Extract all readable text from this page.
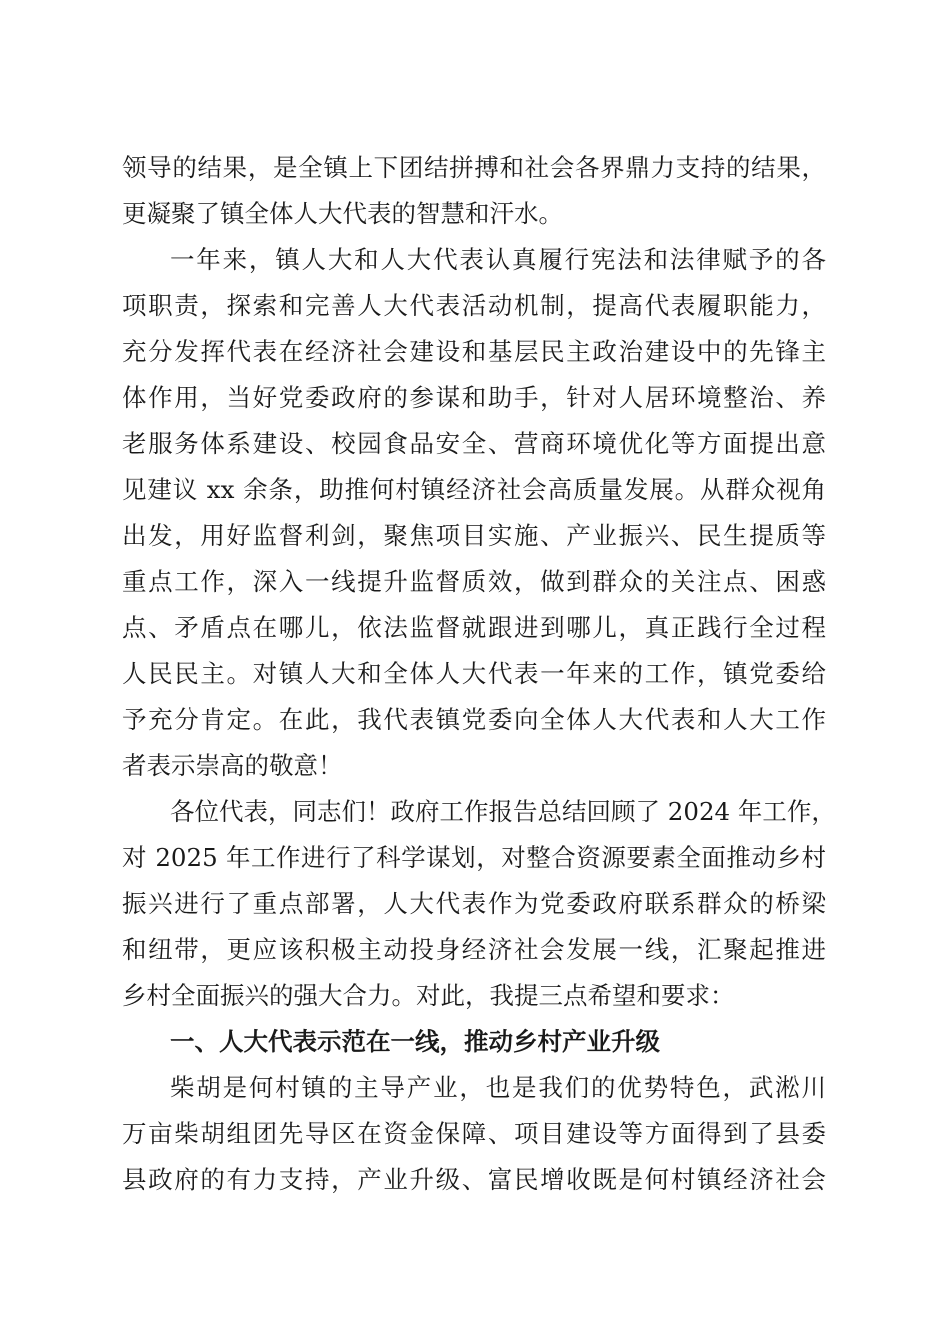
领导的结果，是全镇上下团结拼搏和社会各界鼎力支持的结果，
更凝聚了镇全体人大代表的智慧和汗水。
一年来，镇人大和人大代表认真履行宪法和法律赋予的各
项职责，探索和完善人大代表活动机制，提高代表履职能力，
充分发挥代表在经济社会建设和基层民主政治建设中的先锋主
体作用，当好党委政府的参谋和助手，针对人居环境整治、养
老服务体系建设、校园食品安全、营商环境优化等方面提出意
见建议 xx 余条，助推何村镇经济社会高质量发展。从群众视角
出发，用好监督利剑，聚焦项目实施、产业振兴、民生提质等
重点工作，深入一线提升监督质效，做到群众的关注点、困惑
点、矛盾点在哪儿，依法监督就跟进到哪儿，真正践行全过程
人民民主。对镇人大和全体人大代表一年来的工作，镇党委给
予充分肯定。在此，我代表镇党委向全体人大代表和人大工作
者表示崇高的敬意！
各位代表，同志们！政府工作报告总结回顾了 2024 年工作，
对 2025 年工作进行了科学谋划，对整合资源要素全面推动乡村
振兴进行了重点部署，人大代表作为党委政府联系群众的桥梁
和纽带，更应该积极主动投身经济社会发展一线，汇聚起推进
乡村全面振兴的强大合力。对此，我提三点希望和要求：
一、人大代表示范在一线，推动乡村产业升级
柴胡是何村镇的主导产业，也是我们的优势特色，武淞川
万亩柴胡组团先导区在资金保障、项目建设等方面得到了县委
县政府的有力支持，产业升级、富民增收既是何村镇经济社会
